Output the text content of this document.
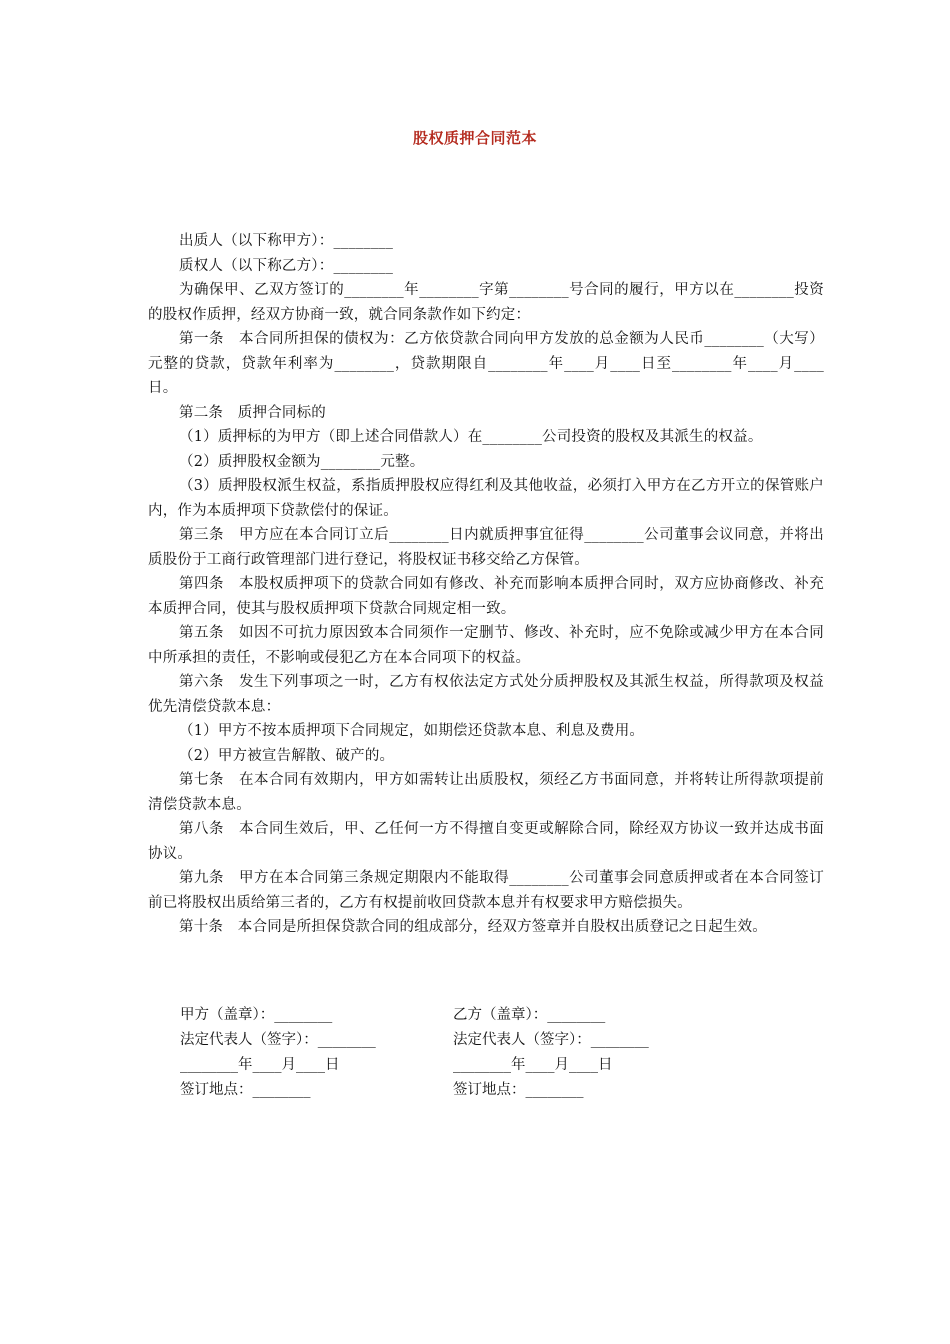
股权质押合同范本

出质人（以下称甲方）：________

质权人（以下称乙方）：________

为确保甲、乙双方签订的________年________字第________号合同的履行，甲方以在________投资的股权作质押，经双方协商一致，就合同条款作如下约定：

第一条　本合同所担保的债权为：乙方依贷款合同向甲方发放的总金额为人民币________（大写）元整的贷款，贷款年利率为________，贷款期限自________年____月____日至________年____月____日。

第二条　质押合同标的

（1）质押标的为甲方（即上述合同借款人）在________公司投资的股权及其派生的权益。

（2）质押股权金额为________元整。

（3）质押股权派生权益，系指质押股权应得红利及其他收益，必须打入甲方在乙方开立的保管账户内，作为本质押项下贷款偿付的保证。

第三条　甲方应在本合同订立后________日内就质押事宜征得________公司董事会议同意，并将出质股份于工商行政管理部门进行登记，将股权证书移交给乙方保管。

第四条　本股权质押项下的贷款合同如有修改、补充而影响本质押合同时，双方应协商修改、补充本质押合同，使其与股权质押项下贷款合同规定相一致。

第五条　如因不可抗力原因致本合同须作一定删节、修改、补充时，应不免除或减少甲方在本合同中所承担的责任，不影响或侵犯乙方在本合同项下的权益。

第六条　发生下列事项之一时，乙方有权依法定方式处分质押股权及其派生权益，所得款项及权益优先清偿贷款本息：

（1）甲方不按本质押项下合同规定，如期偿还贷款本息、利息及费用。

（2）甲方被宣告解散、破产的。

第七条　在本合同有效期内，甲方如需转让出质股权，须经乙方书面同意，并将转让所得款项提前清偿贷款本息。

第八条　本合同生效后，甲、乙任何一方不得擅自变更或解除合同，除经双方协议一致并达成书面协议。

第九条　甲方在本合同第三条规定期限内不能取得________公司董事会同意质押或者在本合同签订前已将股权出质给第三者的，乙方有权提前收回贷款本息并有权要求甲方赔偿损失。

第十条　本合同是所担保贷款合同的组成部分，经双方签章并自股权出质登记之日起生效。

甲方（盖章）：________	乙方（盖章）：________
法定代表人（签字）：________	法定代表人（签字）：________
________年____月____日	________年____月____日
签订地点：________	签订地点：________
